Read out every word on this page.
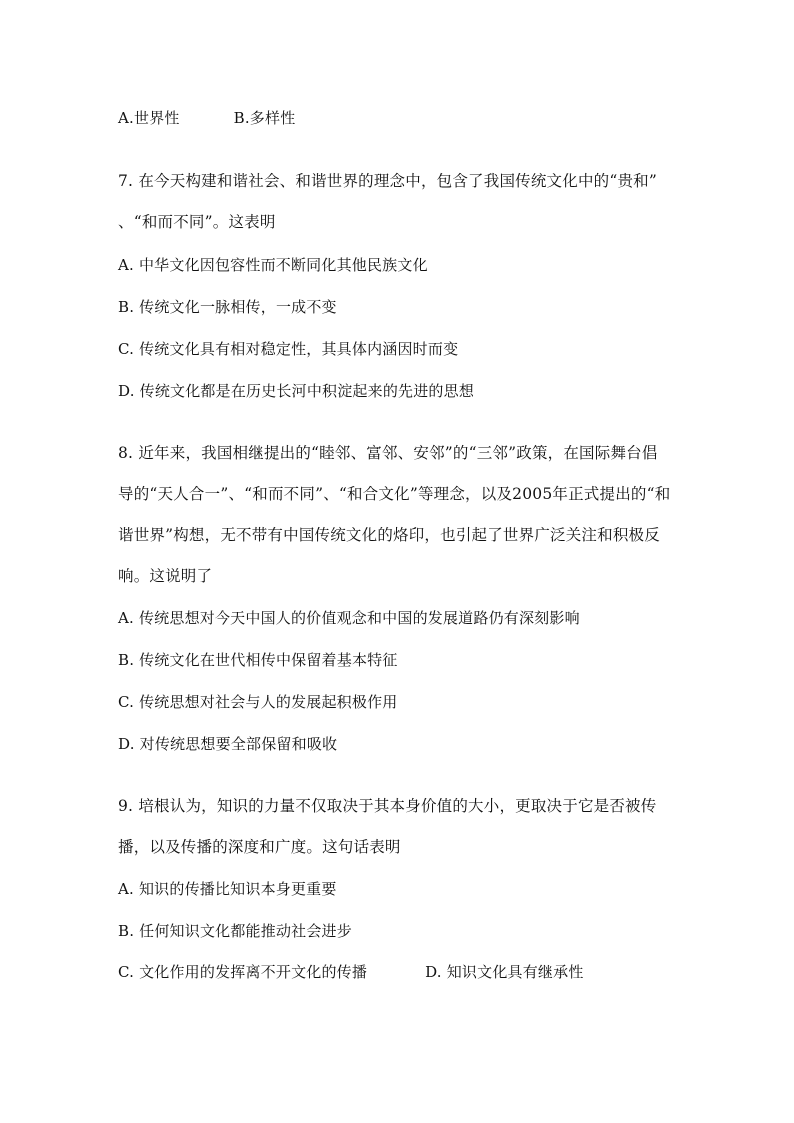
A.世界性	B.多样性
7. 在今天构建和谐社会、和谐世界的理念中，包含了我国传统文化中的“贵和”
、“和而不同”。这表明
A. 中华文化因包容性而不断同化其他民族文化
B. 传统文化一脉相传，一成不变
C. 传统文化具有相对稳定性，其具体内涵因时而变
D. 传统文化都是在历史长河中积淀起来的先进的思想
8. 近年来，我国相继提出的“睦邻、富邻、安邻”的“三邻”政策，在国际舞台倡
导的“天人合一”、“和而不同”、“和合文化”等理念，以及2005年正式提出的“和
谐世界”构想，无不带有中国传统文化的烙印，也引起了世界广泛关注和积极反
响。这说明了
A. 传统思想对今天中国人的价值观念和中国的发展道路仍有深刻影响
B. 传统文化在世代相传中保留着基本特征
C. 传统思想对社会与人的发展起积极作用
D. 对传统思想要全部保留和吸收
9. 培根认为，知识的力量不仅取决于其本身价值的大小，更取决于它是否被传
播，以及传播的深度和广度。这句话表明
A. 知识的传播比知识本身更重要
B. 任何知识文化都能推动社会进步
C. 文化作用的发挥离不开文化的传播	D. 知识文化具有继承性
